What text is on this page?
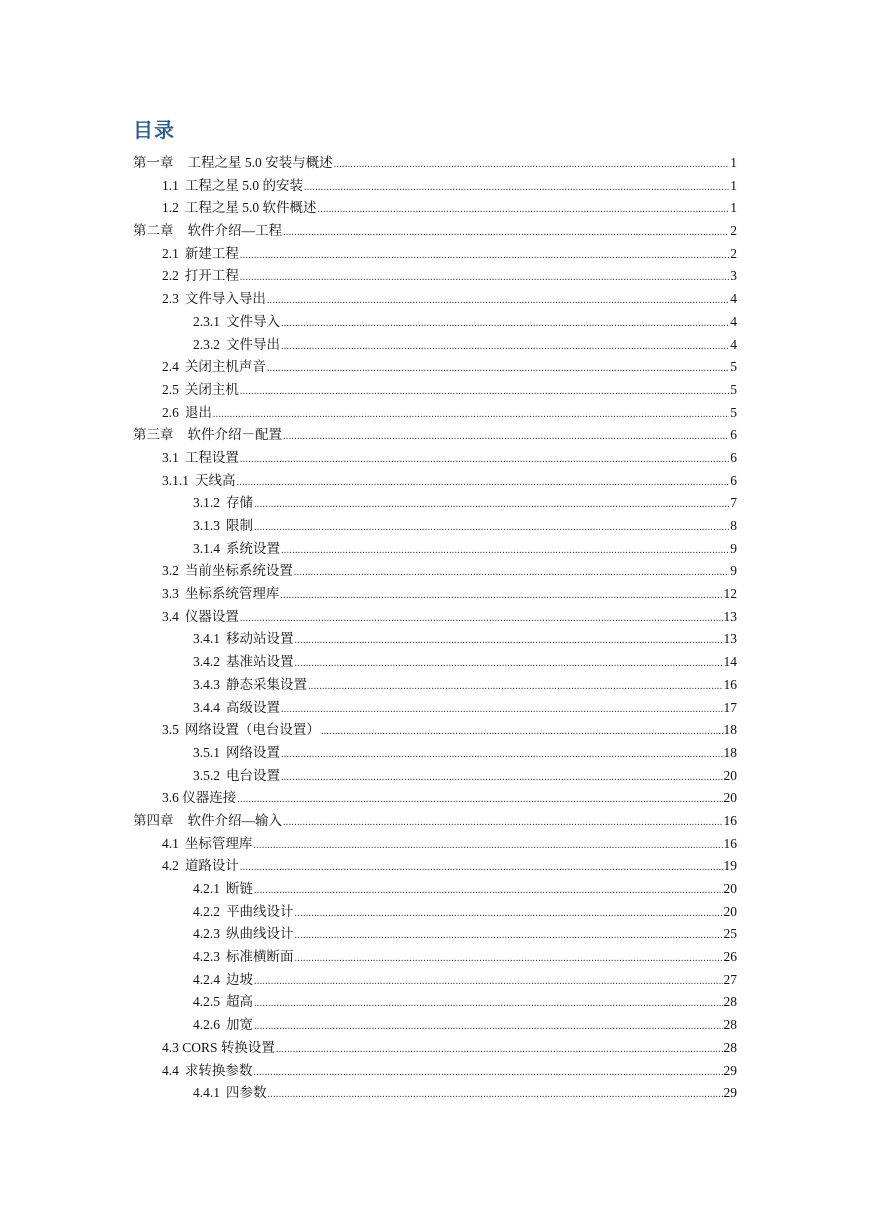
目录
第一章 工程之星 5.0 安装与概述 .....	1
1.1 工程之星 5.0 的安装 .....	1
1.2 工程之星 5.0 软件概述 .....	1
第二章 软件介绍—工程 .....	2
2.1 新建工程 .....	2
2.2 打开工程 .....	3
2.3 文件导入导出 .....	4
2.3.1 文件导入 .....	4
2.3.2 文件导出 .....	4
2.4 关闭主机声音 .....	5
2.5 关闭主机 .....	5
2.6 退出 .....	5
第三章 软件介绍－配置 .....	6
3.1 工程设置 .....	6
3.1.1 天线高 .....	6
3.1.2 存储 .....	7
3.1.3 限制 .....	8
3.1.4 系统设置 .....	9
3.2 当前坐标系统设置 .....	9
3.3 坐标系统管理库 .....	12
3.4 仪器设置 .....	13
3.4.1 移动站设置 .....	13
3.4.2 基准站设置 .....	14
3.4.3 静态采集设置 .....	16
3.4.4 高级设置 .....	17
3.5 网络设置（电台设置） .....	18
3.5.1 网络设置 .....	18
3.5.2 电台设置 .....	20
3.6 仪器连接 .....	20
第四章 软件介绍—输入 .....	16
4.1 坐标管理库 .....	16
4.2 道路设计 .....	19
4.2.1 断链 .....	20
4.2.2 平曲线设计 .....	20
4.2.3 纵曲线设计 .....	25
4.2.3 标准横断面 .....	26
4.2.4 边坡 .....	27
4.2.5 超高 .....	28
4.2.6 加宽 .....	28
4.3 CORS 转换设置 .....	28
4.4 求转换参数 .....	29
4.4.1 四参数 .....	29
